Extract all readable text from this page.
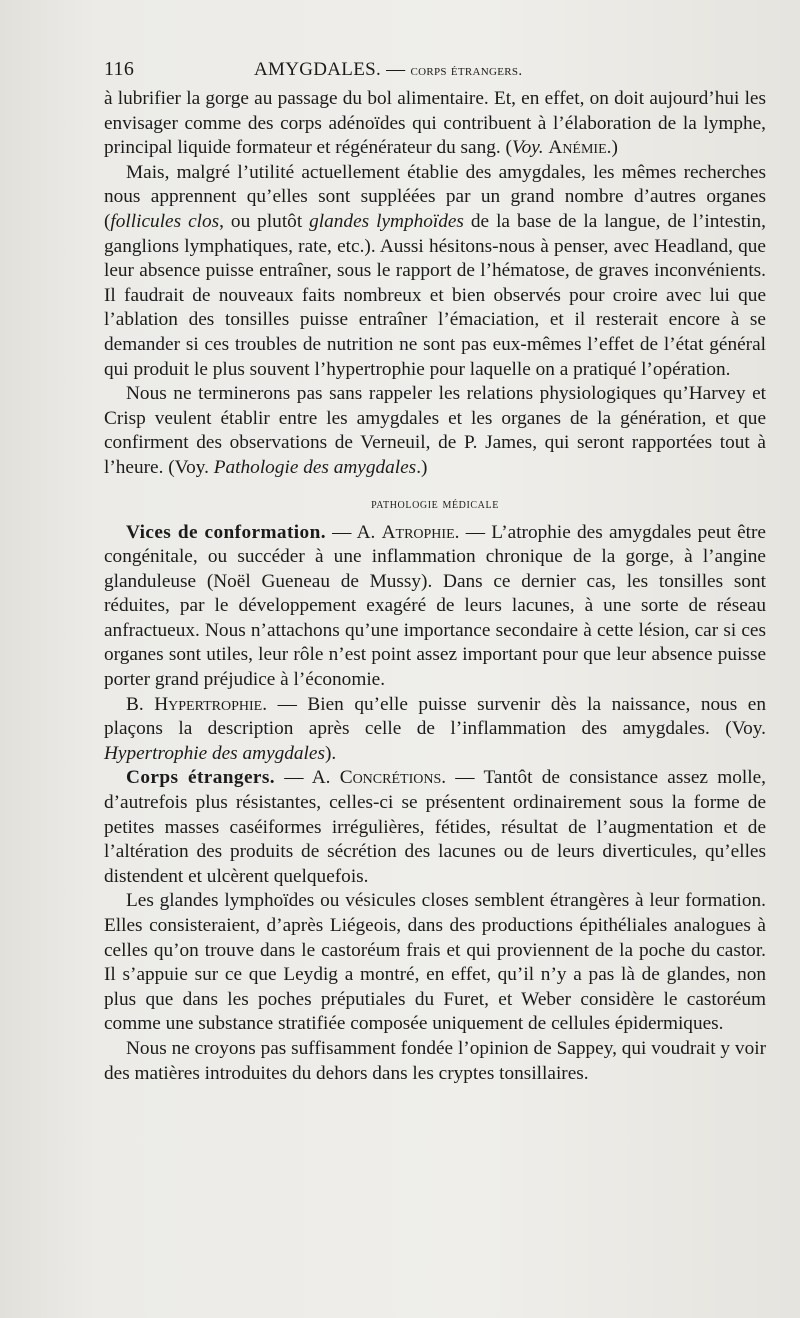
116	AMYGDALES. — corps étrangers.

à lubrifier la gorge au passage du bol alimentaire. Et, en effet, on doit aujourd’hui les envisager comme des corps adénoïdes qui contribuent à l’élaboration de la lymphe, principal liquide formateur et régénérateur du sang. (Voy. Anémie.)

Mais, malgré l’utilité actuellement établie des amygdales, les mêmes recherches nous apprennent qu’elles sont suppléées par un grand nombre d’autres organes (follicules clos, ou plutôt glandes lymphoïdes de la base de la langue, de l’intestin, ganglions lymphatiques, rate, etc.). Aussi hésitons-nous à penser, avec Headland, que leur absence puisse entraîner, sous le rapport de l’hématose, de graves inconvénients. Il faudrait de nouveaux faits nombreux et bien observés pour croire avec lui que l’ablation des tonsilles puisse entraîner l’émaciation, et il resterait encore à se demander si ces troubles de nutrition ne sont pas eux-mêmes l’effet de l’état général qui produit le plus souvent l’hypertrophie pour laquelle on a pratiqué l’opération.

Nous ne terminerons pas sans rappeler les relations physiologiques qu’Harvey et Crisp veulent établir entre les amygdales et les organes de la génération, et que confirment des observations de Verneuil, de P. James, qui seront rapportées tout à l’heure. (Voy. Pathologie des amygdales.)

pathologie médicale

Vices de conformation. — A. Atrophie. — L’atrophie des amygdales peut être congénitale, ou succéder à une inflammation chronique de la gorge, à l’angine glanduleuse (Noël Gueneau de Mussy). Dans ce dernier cas, les tonsilles sont réduites, par le développement exagéré de leurs lacunes, à une sorte de réseau anfractueux. Nous n’attachons qu’une importance secondaire à cette lésion, car si ces organes sont utiles, leur rôle n’est point assez important pour que leur absence puisse porter grand préjudice à l’économie.

B. Hypertrophie. — Bien qu’elle puisse survenir dès la naissance, nous en plaçons la description après celle de l’inflammation des amygdales. (Voy. Hypertrophie des amygdales).

Corps étrangers. — A. Concrétions. — Tantôt de consistance assez molle, d’autrefois plus résistantes, celles-ci se présentent ordinairement sous la forme de petites masses caséiformes irrégulières, fétides, résultat de l’augmentation et de l’altération des produits de sécrétion des lacunes ou de leurs diverticules, qu’elles distendent et ulcèrent quelquefois.

Les glandes lymphoïdes ou vésicules closes semblent étrangères à leur formation. Elles consisteraient, d’après Liégeois, dans des productions épithéliales analogues à celles qu’on trouve dans le castoréum frais et qui proviennent de la poche du castor. Il s’appuie sur ce que Leydig a montré, en effet, qu’il n’y a pas là de glandes, non plus que dans les poches préputiales du Furet, et Weber considère le castoréum comme une substance stratifiée composée uniquement de cellules épidermiques.

Nous ne croyons pas suffisamment fondée l’opinion de Sappey, qui voudrait y voir des matières introduites du dehors dans les cryptes tonsillaires.
